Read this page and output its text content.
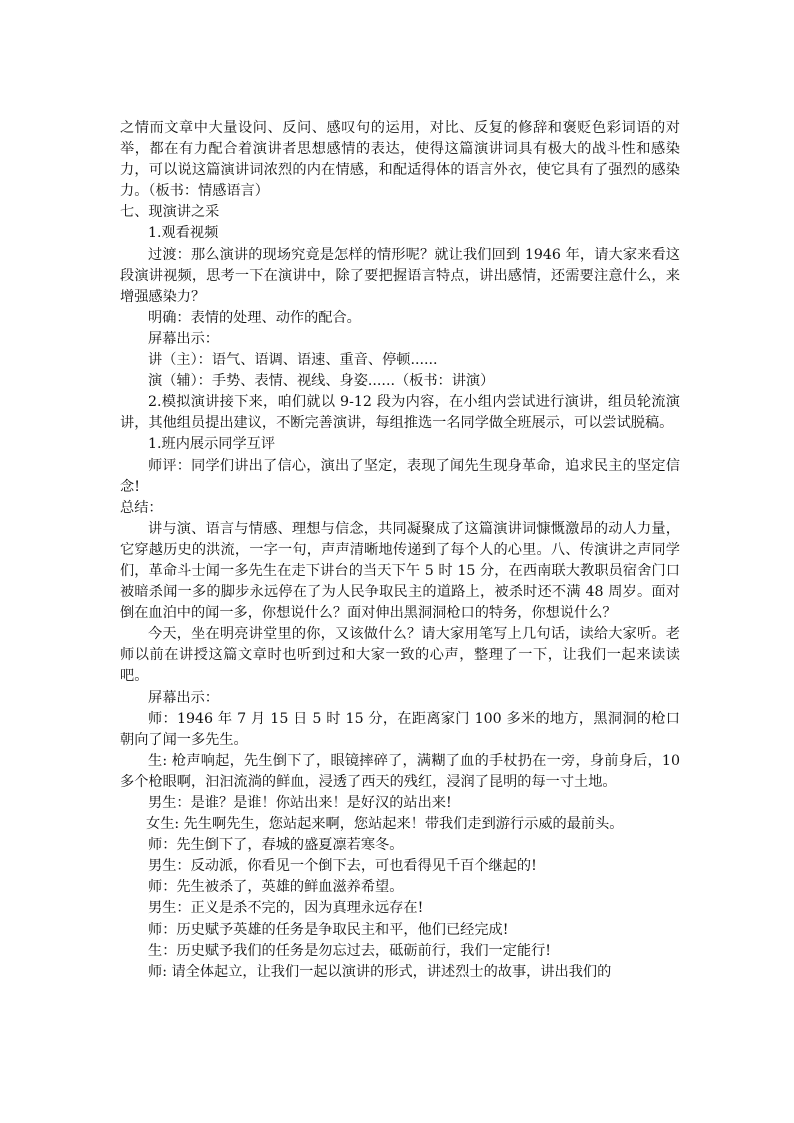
之情而文章中大量设问、反问、感叹句的运用，对比、反复的修辞和褒贬色彩词语的对举，都在有力配合着演讲者思想感情的表达，使得这篇演讲词具有极大的战斗性和感染力，可以说这篇演讲词浓烈的内在情感，和配适得体的语言外衣，使它具有了强烈的感染力。（板书：情感语言）

七、现演讲之采

1.观看视频

过渡：那么演讲的现场究竟是怎样的情形呢？就让我们回到 1946 年，请大家来看这段演讲视频，思考一下在演讲中，除了要把握语言特点，讲出感情，还需要注意什么，来增强感染力？

明确：表情的处理、动作的配合。

屏幕出示：

讲（主）：语气、语调、语速、重音、停顿......

演（辅）：手势、表情、视线、身姿......（板书：讲演）

2.模拟演讲接下来，咱们就以 9-12 段为内容，在小组内尝试进行演讲，组员轮流演讲，其他组员提出建议，不断完善演讲，每组推选一名同学做全班展示，可以尝试脱稿。

1.班内展示同学互评

师评：同学们讲出了信心，演出了坚定，表现了闻先生现身革命，追求民主的坚定信念!

总结：

讲与演、语言与情感、理想与信念，共同凝聚成了这篇演讲词慷慨激昂的动人力量，它穿越历史的洪流，一字一句，声声清晰地传递到了每个人的心里。八、传演讲之声同学们，革命斗士闻一多先生在走下讲台的当天下午 5 时 15 分，在西南联大教职员宿舍门口被暗杀闻一多的脚步永远停在了为人民争取民主的道路上，被杀时还不满 48 周岁。面对倒在血泊中的闻一多，你想说什么？面对伸出黑洞洞枪口的特务，你想说什么？

今天，坐在明亮讲堂里的你，又该做什么？请大家用笔写上几句话，读给大家听。老师以前在讲授这篇文章时也听到过和大家一致的心声，整理了一下，让我们一起来读读吧。

屏幕出示：

师：1946 年 7 月 15 日 5 时 15 分，在距离家门 100 多米的地方，黑洞洞的枪口朝向了闻一多先生。

生: 枪声响起，先生倒下了，眼镜摔碎了，满糊了血的手杖扔在一旁，身前身后，10 多个枪眼啊，汩汩流淌的鲜血，浸透了西天的残红，浸润了昆明的每一寸土地。

男生：是谁？是谁！你站出来！是好汉的站出来!

女生: 先生啊先生，您站起来啊，您站起来！带我们走到游行示威的最前头。

师：先生倒下了，春城的盛夏凛若寒冬。

男生：反动派，你看见一个倒下去，可也看得见千百个继起的!

师：先生被杀了，英雄的鲜血滋养希望。

男生：正义是杀不完的，因为真理永远存在!

师：历史赋予英雄的任务是争取民主和平，他们已经完成!

生：历史赋予我们的任务是勿忘过去，砥砺前行，我们一定能行!

师: 请全体起立，让我们一起以演讲的形式，讲述烈士的故事，讲出我们的
